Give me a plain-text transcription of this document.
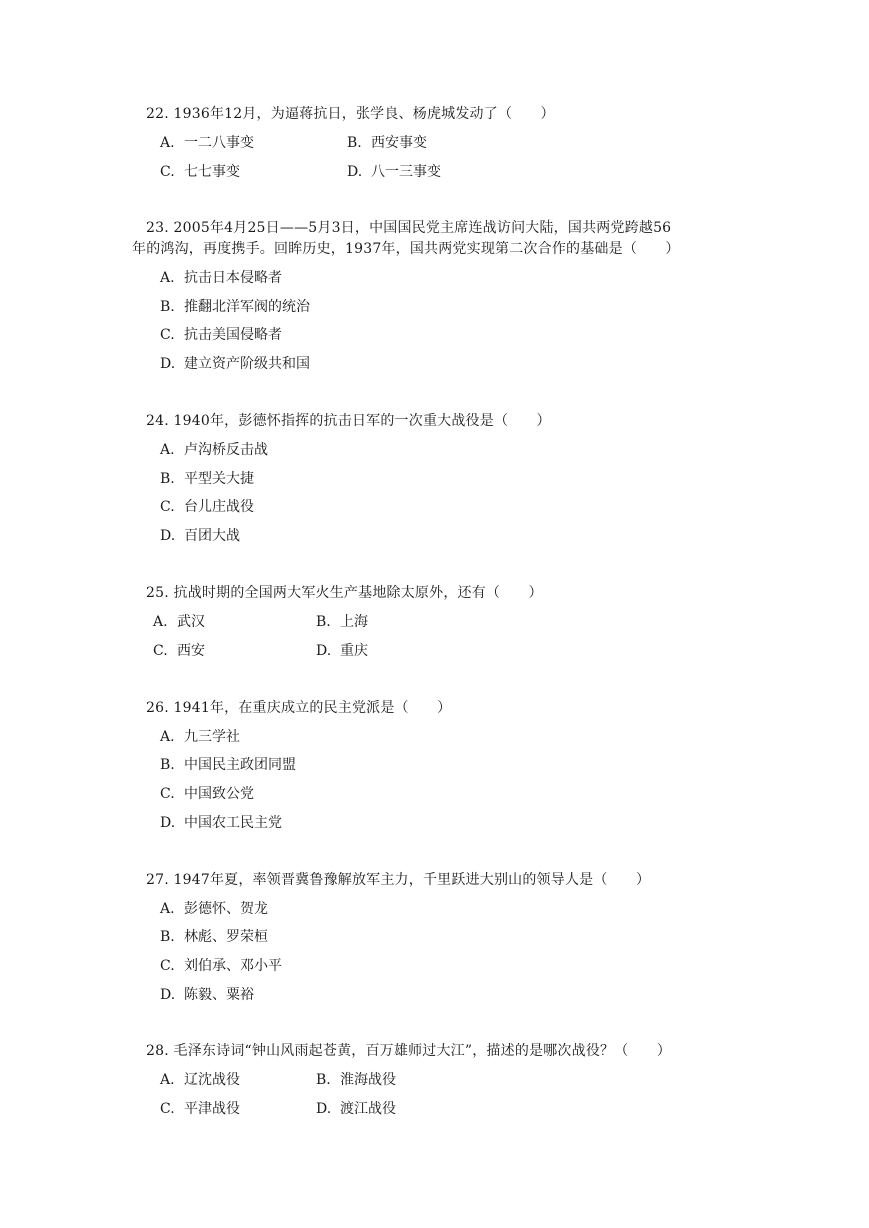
22. 1936年12月，为逼蒋抗日，张学良、杨虎城发动了（　　）
A. 一二八事变	B. 西安事变
C. 七七事变	D. 八一三事变
23. 2005年4月25日——5月3日，中国国民党主席连战访问大陆，国共两党跨越56
年的鸿沟，再度携手。回眸历史，1937年，国共两党实现第二次合作的基础是（　　）
A. 抗击日本侵略者
B. 推翻北洋军阀的统治
C. 抗击美国侵略者
D. 建立资产阶级共和国
24. 1940年，彭德怀指挥的抗击日军的一次重大战役是（　　）
A. 卢沟桥反击战
B. 平型关大捷
C. 台儿庄战役
D. 百团大战
25. 抗战时期的全国两大军火生产基地除太原外，还有（　　）
A. 武汉	B. 上海
C. 西安	D. 重庆
26. 1941年，在重庆成立的民主党派是（　　）
A. 九三学社
B. 中国民主政团同盟
C. 中国致公党
D. 中国农工民主党
27. 1947年夏，率领晋冀鲁豫解放军主力，千里跃进大别山的领导人是（　　）
A. 彭德怀、贺龙
B. 林彪、罗荣桓
C. 刘伯承、邓小平
D. 陈毅、粟裕
28. 毛泽东诗词“钟山风雨起苍黄，百万雄师过大江”，描述的是哪次战役？（　　）
A. 辽沈战役	B. 淮海战役
C. 平津战役	D. 渡江战役
